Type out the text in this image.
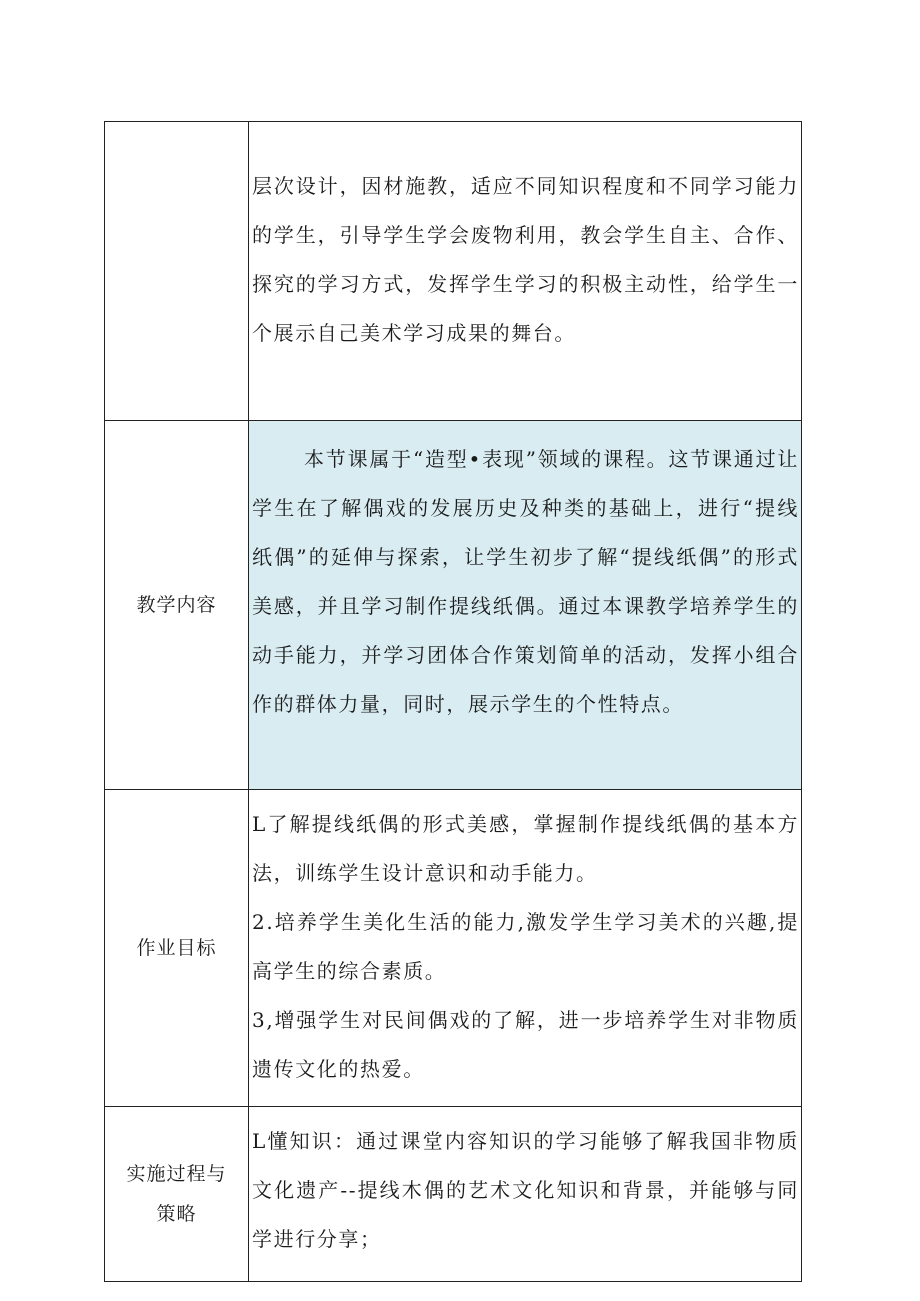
	层次设计，因材施教，适应不同知识程度和不同学习能力的学生，引导学生学会废物利用，教会学生自主、合作、探究的学习方式，发挥学生学习的积极主动性，给学生一个展示自己美术学习成果的舞台。

教学内容	本节课属于“造型•表现”领域的课程。这节课通过让学生在了解偶戏的发展历史及种类的基础上，进行“提线纸偶”的延伸与探索，让学生初步了解“提线纸偶”的形式美感，并且学习制作提线纸偶。通过本课教学培养学生的动手能力，并学习团体合作策划简单的活动，发挥小组合作的群体力量，同时，展示学生的个性特点。

作业目标	L了解提线纸偶的形式美感，掌握制作提线纸偶的基本方法，训练学生设计意识和动手能力。

2.培养学生美化生活的能力,激发学生学习美术的兴趣,提高学生的综合素质。

3,增强学生对民间偶戏的了解，进一步培养学生对非物质遗传文化的热爱。

实施过程与
策略	L懂知识：通过课堂内容知识的学习能够了解我国非物质文化遗产--提线木偶的艺术文化知识和背景，并能够与同学进行分享；
